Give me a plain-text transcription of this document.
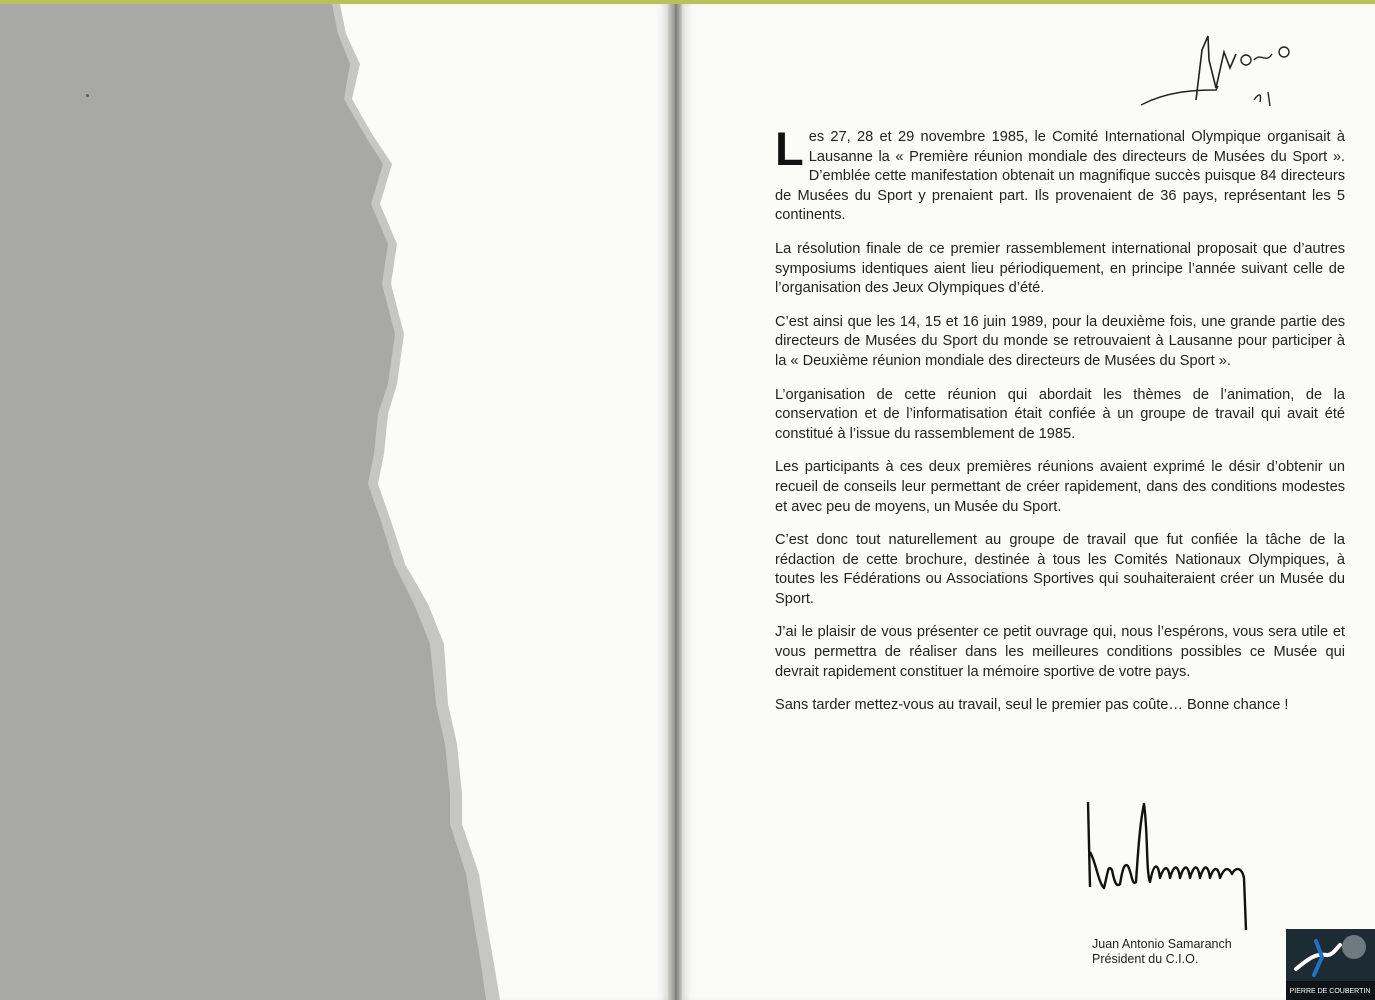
Les 27, 28 et 29 novembre 1985, le Comité International Olympique organisait à Lausanne la « Première réunion mondiale des directeurs de Musées du Sport ». D’emblée cette manifestation obtenait un magnifique succès puisque 84 directeurs de Musées du Sport y prenaient part. Ils provenaient de 36 pays, représentant les 5 continents.

La résolution finale de ce premier rassemblement international proposait que d’autres symposiums identiques aient lieu périodiquement, en principe l’année suivant celle de l’organisation des Jeux Olympiques d’été.

C’est ainsi que les 14, 15 et 16 juin 1989, pour la deuxième fois, une grande partie des directeurs de Musées du Sport du monde se retrouvaient à Lausanne pour participer à la « Deuxième réunion mondiale des directeurs de Musées du Sport ».

L’organisation de cette réunion qui abordait les thèmes de l’animation, de la conservation et de l’informatisation était confiée à un groupe de travail qui avait été constitué à l’issue du rassemblement de 1985.

Les participants à ces deux premières réunions avaient exprimé le désir d’obtenir un recueil de conseils leur permettant de créer rapidement, dans des conditions modestes et avec peu de moyens, un Musée du Sport.

C’est donc tout naturellement au groupe de travail que fut confiée la tâche de la rédaction de cette brochure, destinée à tous les Comités Nationaux Olympiques, à toutes les Fédérations ou Associations Sportives qui souhaiteraient créer un Musée du Sport.

J’ai le plaisir de vous présenter ce petit ouvrage qui, nous l’espérons, vous sera utile et vous permettra de réaliser dans les meilleures conditions possibles ce Musée qui devrait rapidement constituer la mémoire sportive de votre pays.

Sans tarder mettez-vous au travail, seul le premier pas coûte… Bonne chance !

Juan Antonio Samaranch
Président du C.I.O.
PIERRE DE COUBERTIN
